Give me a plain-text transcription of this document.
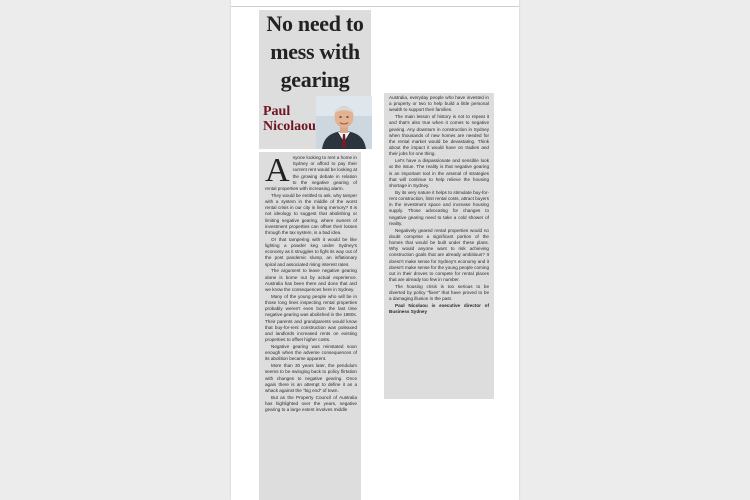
No need to
mess with
gearing
Paul
Nicolaou

Anyone looking to rent a home in Sydney or afford to pay their current rent would be looking at the growing debate in relation to the negative gearing of rental properties with increasing alarm.

They would be entitled to ask, why tamper with a system in the middle of the worst rental crisis in our city in living memory? It is not ideology to suggest that abolishing or limiting negative gearing, where owners of investment properties can offset their losses through the tax system, is a bad idea.

Or that tampering with it would be like lighting a powder keg under Sydney's economy as it struggles to fight its way out of the post pandemic slump, an inflationary spiral and associated rising interest rates.

The argument to leave negative gearing alone is borne out by actual experience. Australia has been there and done that and we know the consequences here in Sydney.

Many of the young people who will be in those long lines inspecting rental properties probably weren't even born the last time negative gearing was abolished in the 1980s. Their parents and grandparents would know that buy-for-rent construction was poleaxed and landlords increased rents on existing properties to offset higher costs.

Negative gearing was reinstated soon enough when the adverse consequences of its abolition became apparent.

More than 30 years later, the pendulum seems to be swinging back to policy flirtation with changes to negative gearing. Once again there is an attempt to define it as a whack against the "big end" of town.

But as the Property Council of Australia has highlighted over the years, negative gearing to a large extent involves middle

Australia, everyday people who have invested in a property or two to help build a little personal wealth to support their families.

The main lesson of history is not to repeat it and that's also true when it comes to negative gearing. Any downturn in construction in Sydney when thousands of new homes are needed for the rental market would be devastating. Think about the impact it would have on tradies and their jobs for one thing.

Let's have a dispassionate and sensible look at the issue. The reality is that negative gearing is an important tool in the arsenal of strategies that will continue to help relieve the housing shortage in Sydney.

By its very nature it helps to stimulate buy-for-rent construction, limit rental costs, attract buyers in the investment space and increase housing supply. Those advocating for changes to negative gearing need to take a cold shower of reality.

Negatively geared rental properties would no doubt comprise a significant portion of the homes that would be built under these plans. Why would anyone want to risk achieving construction goals that are already ambitious? It doesn't make sense for Sydney's economy and it doesn't make sense for the young people coming out in their droves to compete for rental places that are already too few in number.

The housing crisis is too serious to be diverted by policy "fixes" that have proved to be a damaging illusion in the past.

Paul Nicolaou is executive director of Business Sydney
